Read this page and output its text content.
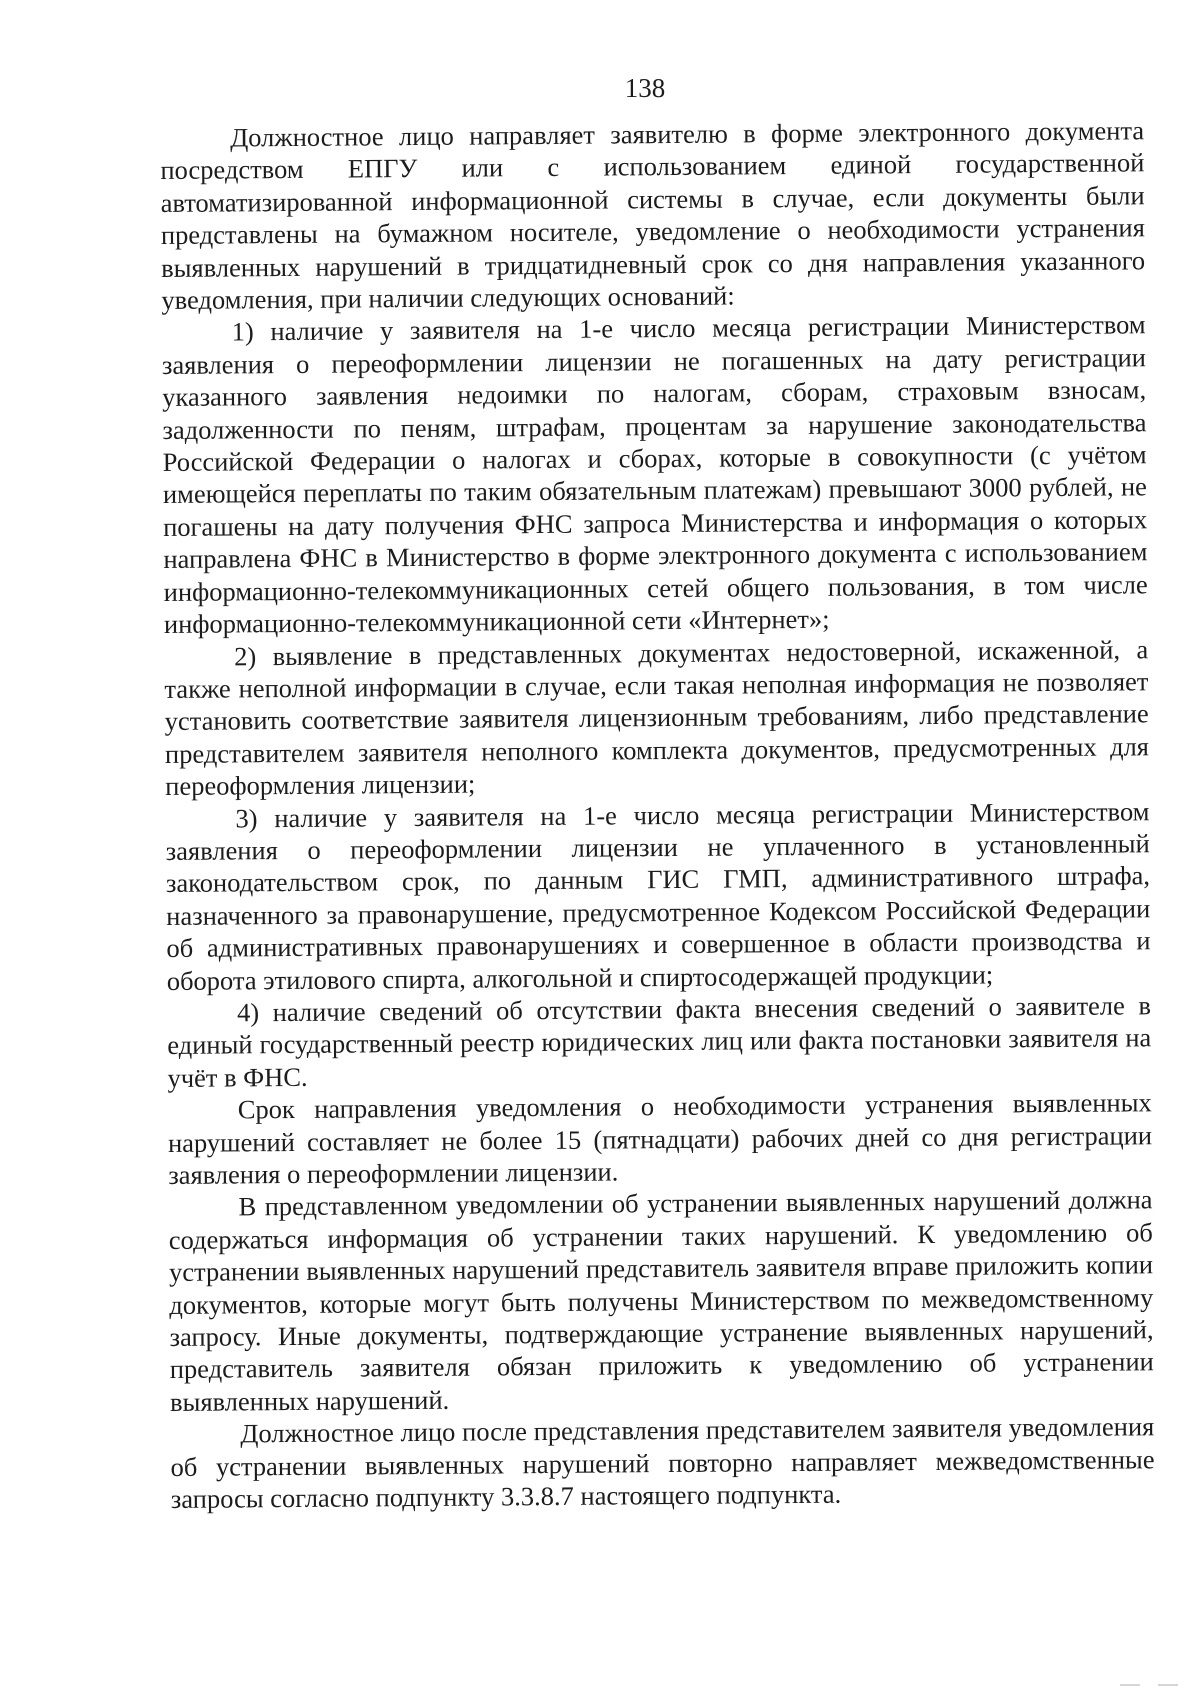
138

Должностное лицо направляет заявителю в форме электронного документа посредством ЕПГУ или с использованием единой государственной автоматизированной информационной системы в случае, если документы были представлены на бумажном носителе, уведомление о необходимости устранения выявленных нарушений в тридцатидневный срок со дня направления указанного уведомления, при наличии следующих оснований:

1) наличие у заявителя на 1-е число месяца регистрации Министерством заявления о переоформлении лицензии не погашенных на дату регистрации указанного заявления недоимки по налогам, сборам, страховым взносам, задолженности по пеням, штрафам, процентам за нарушение законодательства Российской Федерации о налогах и сборах, которые в совокупности (с учётом имеющейся переплаты по таким обязательным платежам) превышают 3000 рублей, не погашены на дату получения ФНС запроса Министерства и информация о которых направлена ФНС в Министерство в форме электронного документа с использованием информационно-телекоммуникационных сетей общего пользования, в том числе информационно-телекоммуникационной сети «Интернет»;

2) выявление в представленных документах недостоверной, искаженной, а также неполной информации в случае, если такая неполная информация не позволяет установить соответствие заявителя лицензионным требованиям, либо представление представителем заявителя неполного комплекта документов, предусмотренных для переоформления лицензии;

3) наличие у заявителя на 1-е число месяца регистрации Министерством заявления о переоформлении лицензии не уплаченного в установленный законодательством срок, по данным ГИС ГМП, административного штрафа, назначенного за правонарушение, предусмотренное Кодексом Российской Федерации об административных правонарушениях и совершенное в области производства и оборота этилового спирта, алкогольной и спиртосодержащей продукции;

4) наличие сведений об отсутствии факта внесения сведений о заявителе в единый государственный реестр юридических лиц или факта постановки заявителя на учёт в ФНС.

Срок направления уведомления о необходимости устранения выявленных нарушений составляет не более 15 (пятнадцати) рабочих дней со дня регистрации заявления о переоформлении лицензии.

В представленном уведомлении об устранении выявленных нарушений должна содержаться информация об устранении таких нарушений. К уведомлению об устранении выявленных нарушений представитель заявителя вправе приложить копии документов, которые могут быть получены Министерством по межведомственному запросу. Иные документы, подтверждающие устранение выявленных нарушений, представитель заявителя обязан приложить к уведомлению об устранении выявленных нарушений.

Должностное лицо после представления представителем заявителя уведомления об устранении выявленных нарушений повторно направляет межведомственные запросы согласно подпункту 3.3.8.7 настоящего подпункта.
